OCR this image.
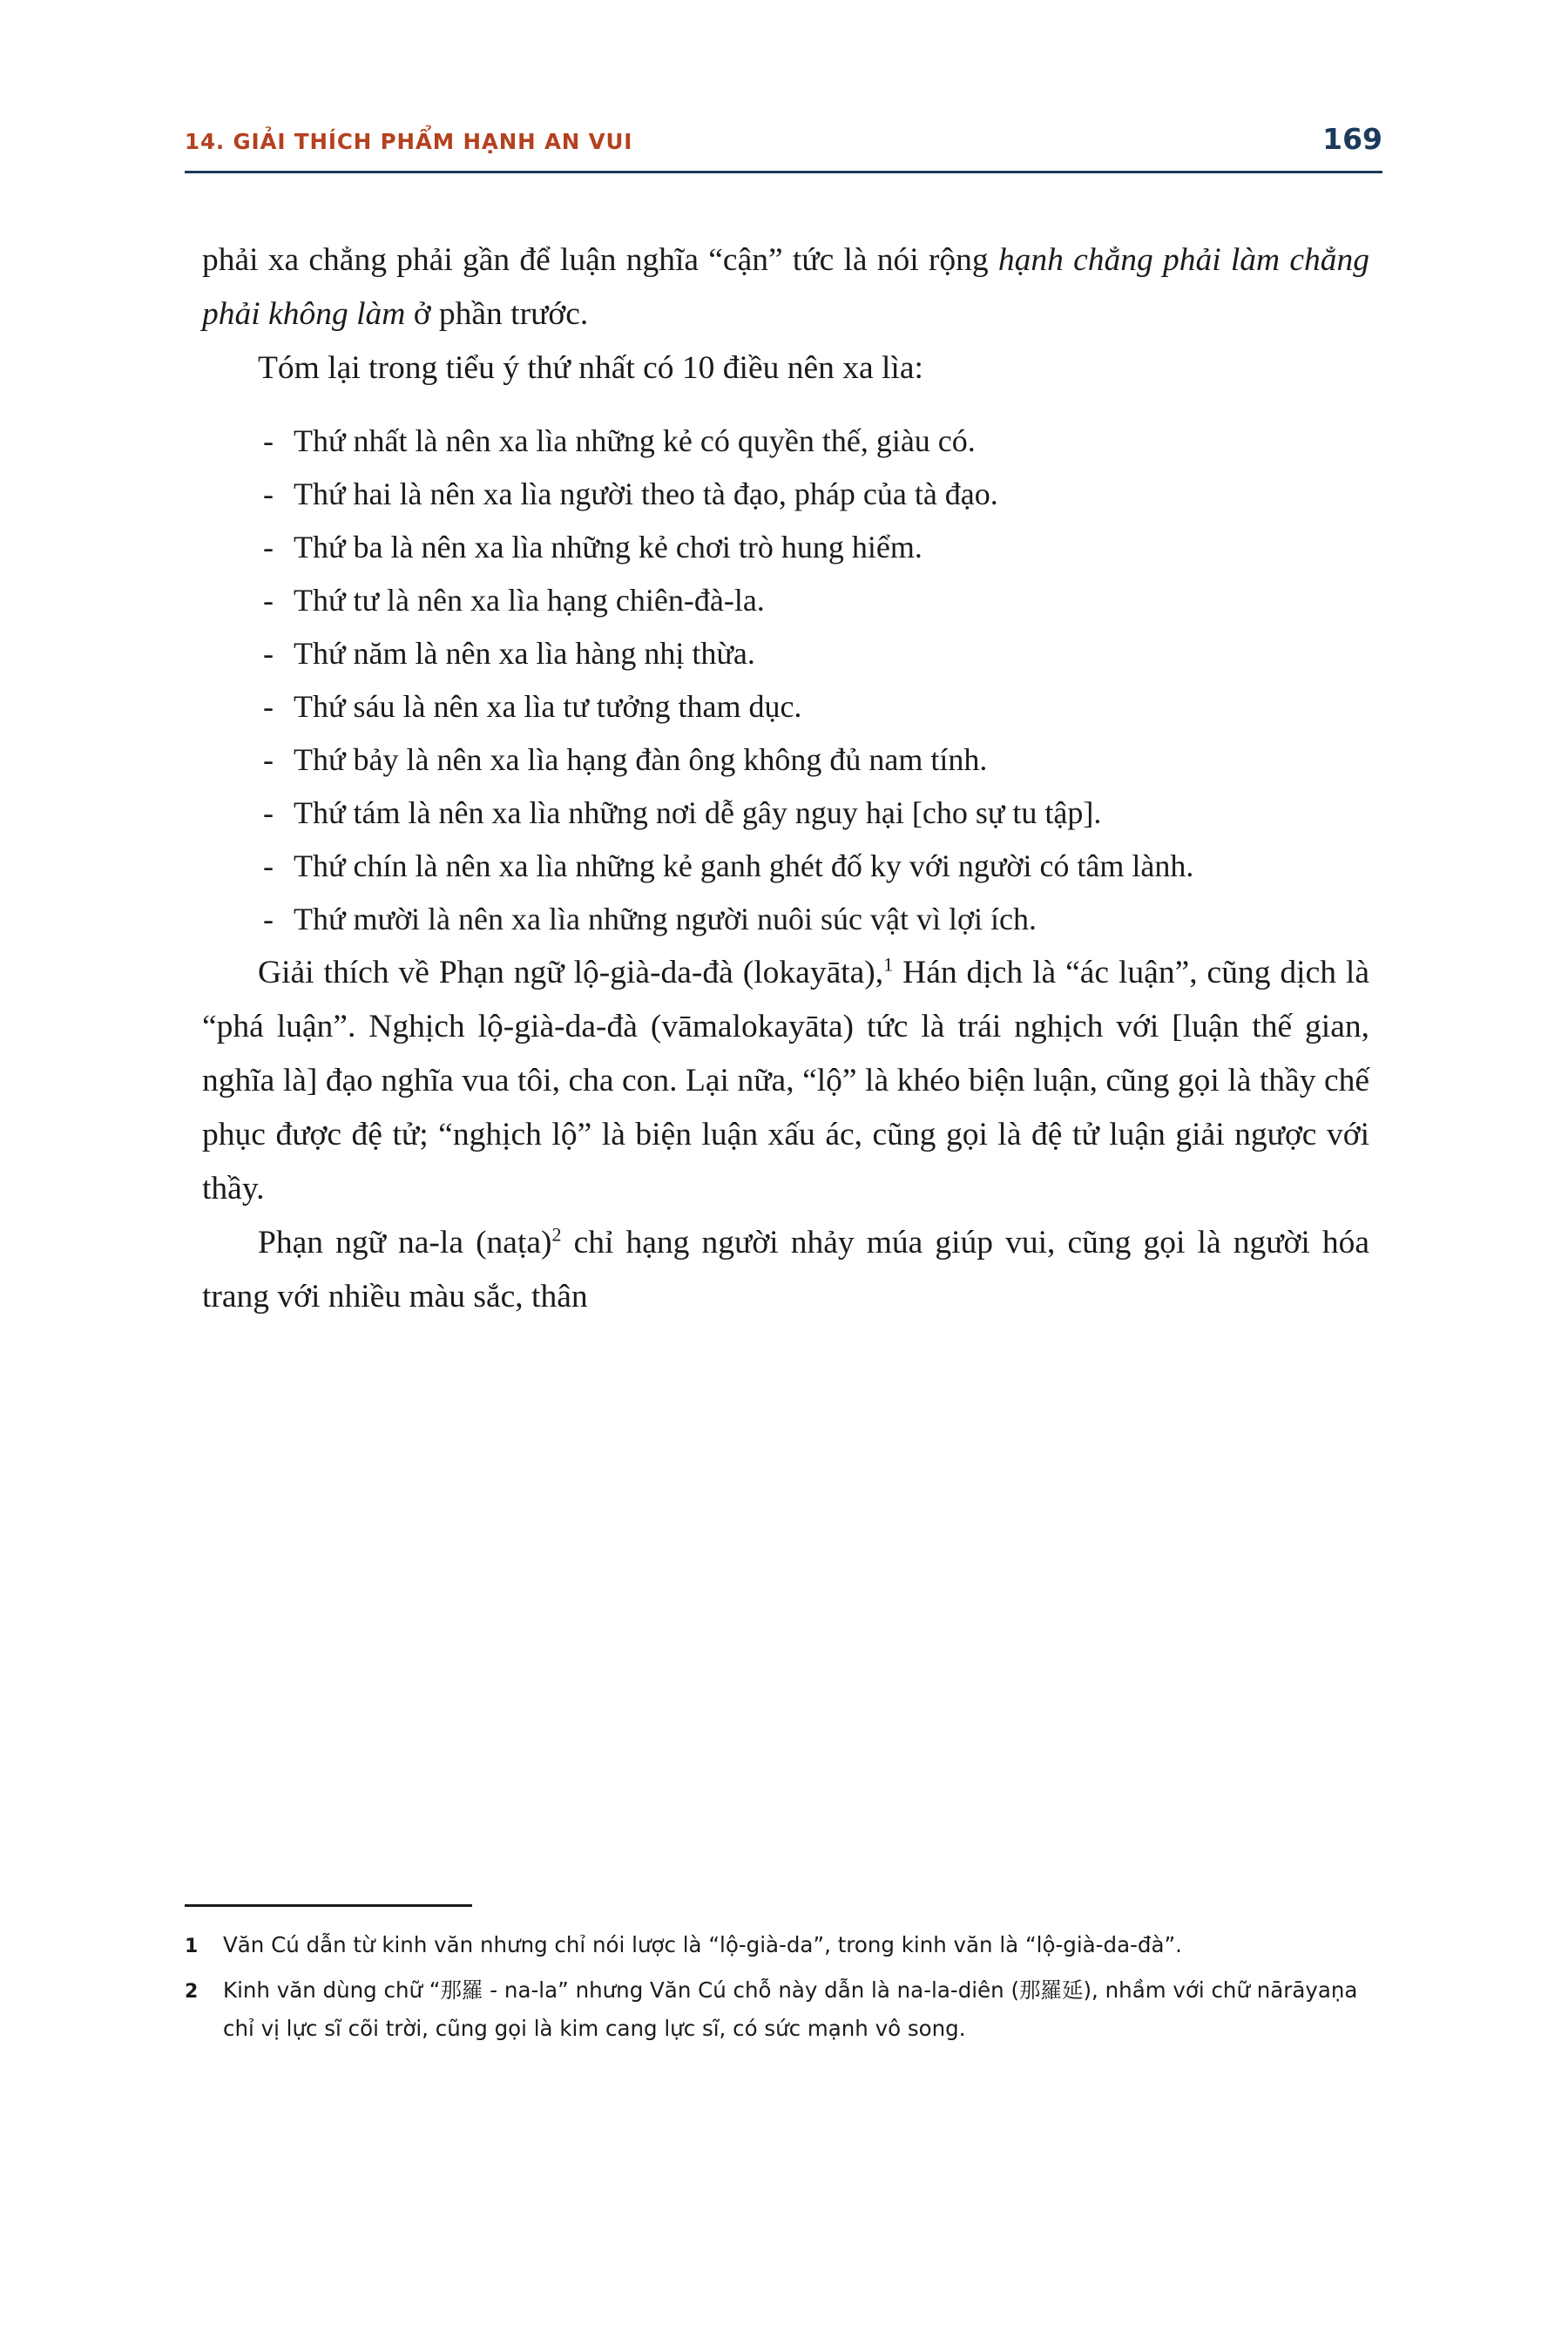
14. GIẢI THÍCH PHẨM HẠNH AN VUI	169

phải xa chẳng phải gần để luận nghĩa “cận” tức là nói rộng hạnh chẳng phải làm chẳng phải không làm ở phần trước.

Tóm lại trong tiểu ý thứ nhất có 10 điều nên xa lìa:

- Thứ nhất là nên xa lìa những kẻ có quyền thế, giàu có.
- Thứ hai là nên xa lìa người theo tà đạo, pháp của tà đạo.
- Thứ ba là nên xa lìa những kẻ chơi trò hung hiểm.
- Thứ tư là nên xa lìa hạng chiên-đà-la.
- Thứ năm là nên xa lìa hàng nhị thừa.
- Thứ sáu là nên xa lìa tư tưởng tham dục.
- Thứ bảy là nên xa lìa hạng đàn ông không đủ nam tính.
- Thứ tám là nên xa lìa những nơi dễ gây nguy hại [cho sự tu tập].
- Thứ chín là nên xa lìa những kẻ ganh ghét đố ky với người có tâm lành.
- Thứ mười là nên xa lìa những người nuôi súc vật vì lợi ích.

Giải thích về Phạn ngữ lộ-già-da-đà (lokayāta),$^1$ Hán dịch là “ác luận”, cũng dịch là “phá luận”. Nghịch lộ-già-da-đà (vāmalokayāta) tức là trái nghịch với [luận thế gian, nghĩa là] đạo nghĩa vua tôi, cha con. Lại nữa, “lộ” là khéo biện luận, cũng gọi là thầy chế phục được đệ tử; “nghịch lộ” là biện luận xấu ác, cũng gọi là đệ tử luận giải ngược với thầy.

Phạn ngữ na-la (naṭa)$^2$ chỉ hạng người nhảy múa giúp vui, cũng gọi là người hóa trang với nhiều màu sắc, thân

1	Văn Cú dẫn từ kinh văn nhưng chỉ nói lược là “lộ-già-da”, trong kinh văn là “lộ-già-da-đà”.
2	Kinh văn dùng chữ “那羅 - na-la” nhưng Văn Cú chỗ này dẫn là na-la-diên (那羅延), nhầm với chữ nārāyaṇa chỉ vị lực sĩ cõi trời, cũng gọi là kim cang lực sĩ, có sức mạnh vô song.
